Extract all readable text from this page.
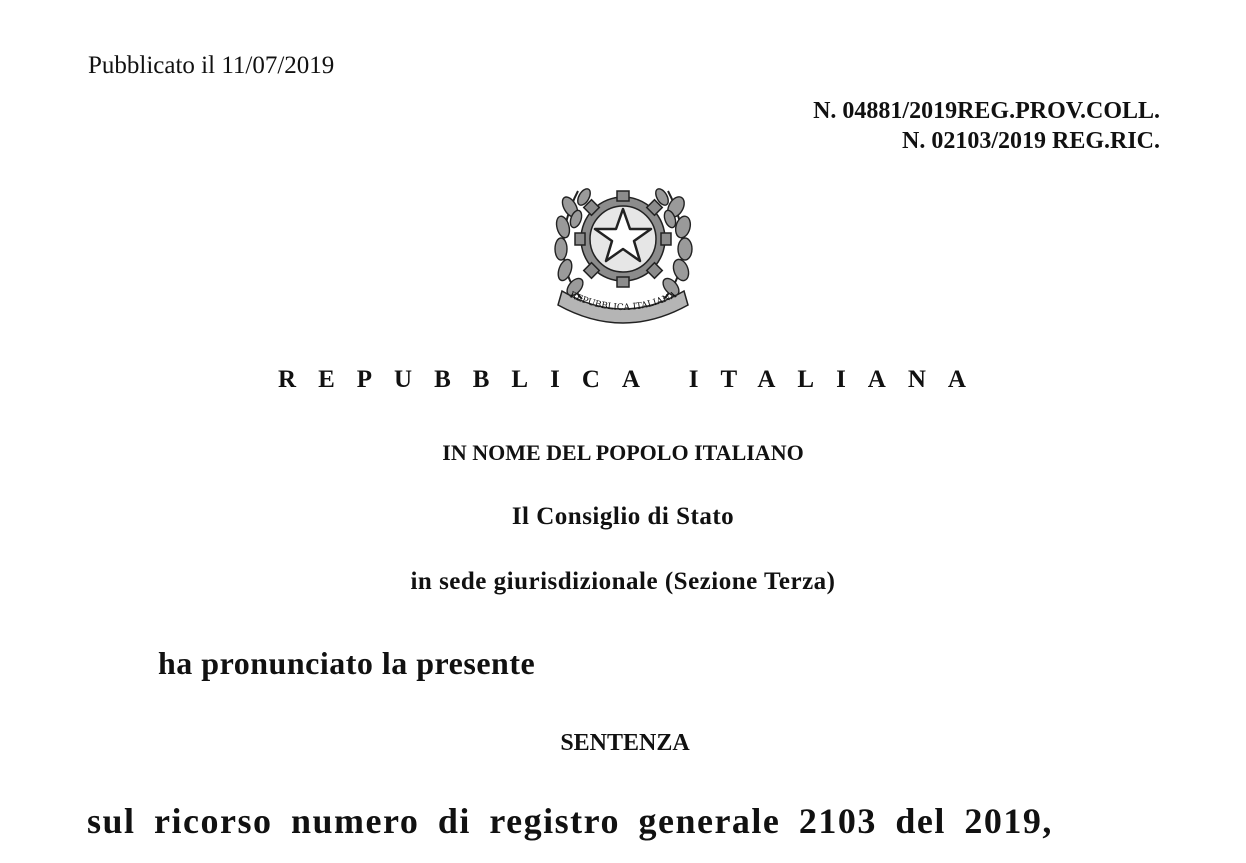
Pubblicato il 11/07/2019
N. 04881/2019REG.PROV.COLL.
N. 02103/2019 REG.RIC.
REPUBBLICA ITALIANA
REPUBBLICA ITALIANA
IN NOME DEL POPOLO ITALIANO
Il Consiglio di Stato
in sede giurisdizionale (Sezione Terza)
ha pronunciato la presente
SENTENZA
sul ricorso numero di registro generale 2103 del 2019,
